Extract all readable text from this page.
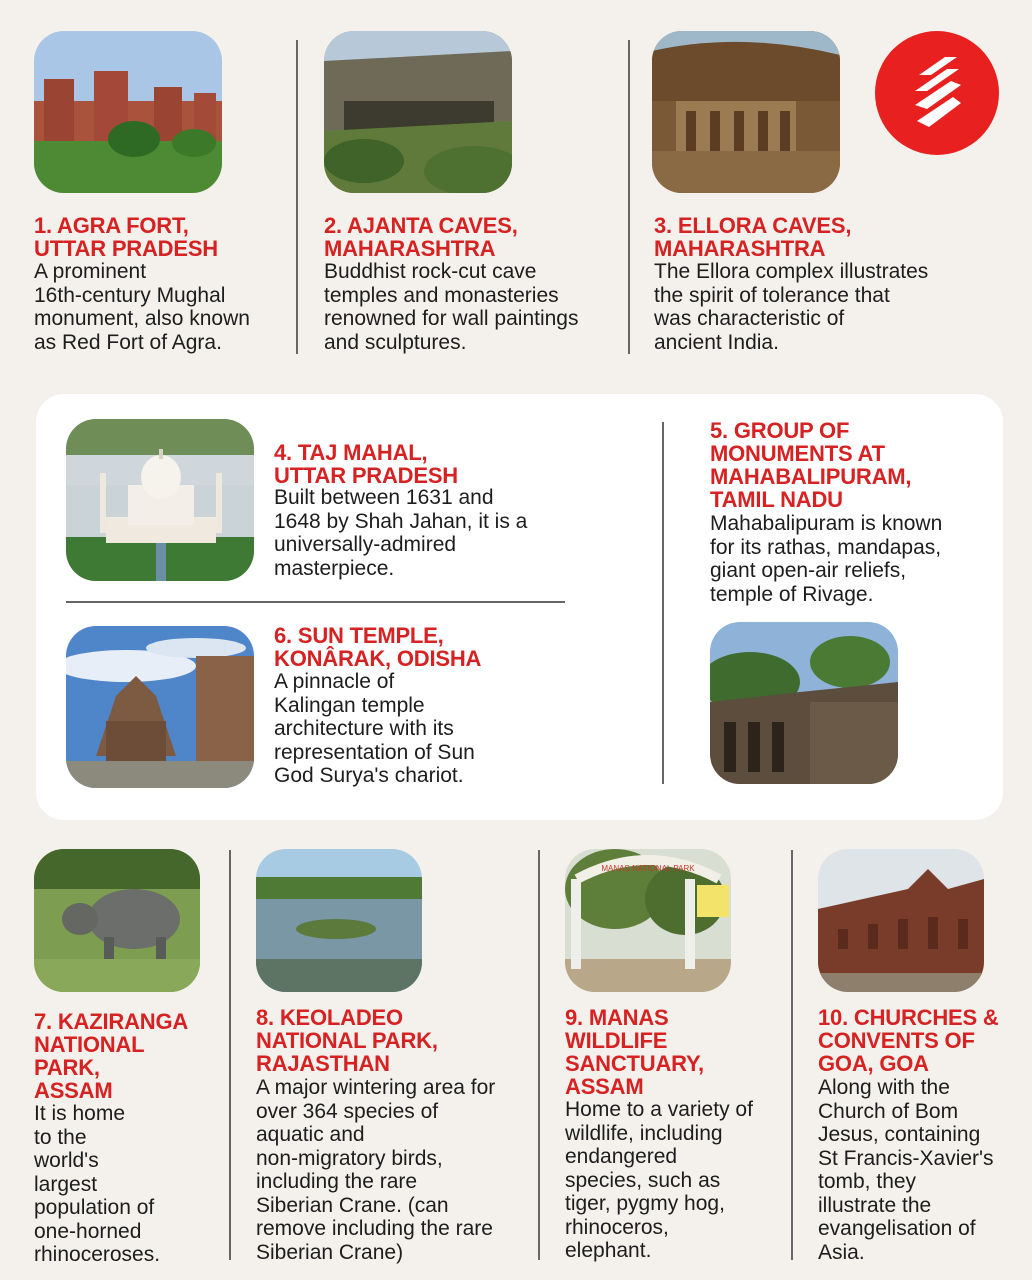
1. AGRA FORT,
UTTAR PRADESH
A prominent
16th-century Mughal
monument, also known
as Red Fort of Agra.
2. AJANTA CAVES,
MAHARASHTRA
Buddhist rock-cut cave
temples and monasteries
renowned for wall paintings
and sculptures.
3. ELLORA CAVES,
MAHARASHTRA
The Ellora complex illustrates
the spirit of tolerance that
was characteristic of
ancient India.
4. TAJ MAHAL,
UTTAR PRADESH
Built between 1631 and
1648 by Shah Jahan, it is a
universally-admired
masterpiece.
6. SUN TEMPLE,
KONÂRAK, ODISHA
A pinnacle of
Kalingan temple
architecture with its
representation of Sun
God Surya's chariot.
5. GROUP OF
MONUMENTS AT
MAHABALIPURAM,
TAMIL NADU
Mahabalipuram is known
for its rathas, mandapas,
giant open-air reliefs,
temple of Rivage.
7. KAZIRANGA
NATIONAL
PARK,
ASSAM
It is home
to the
world's
largest
population of
one-horned
rhinoceroses.
8. KEOLADEO
NATIONAL PARK,
RAJASTHAN
A major wintering area for
over 364 species of
aquatic and
non-migratory birds,
including the rare
Siberian Crane. (can
remove including the rare
Siberian Crane)
MANAS NATIONAL PARK
9. MANAS
WILDLIFE
SANCTUARY,
ASSAM
Home to a variety of
wildlife, including
endangered
species, such as
tiger, pygmy hog,
rhinoceros,
elephant.
10. CHURCHES &
CONVENTS OF
GOA, GOA
Along with the
Church of Bom
Jesus, containing
St Francis-Xavier's
tomb, they
illustrate the
evangelisation of
Asia.
